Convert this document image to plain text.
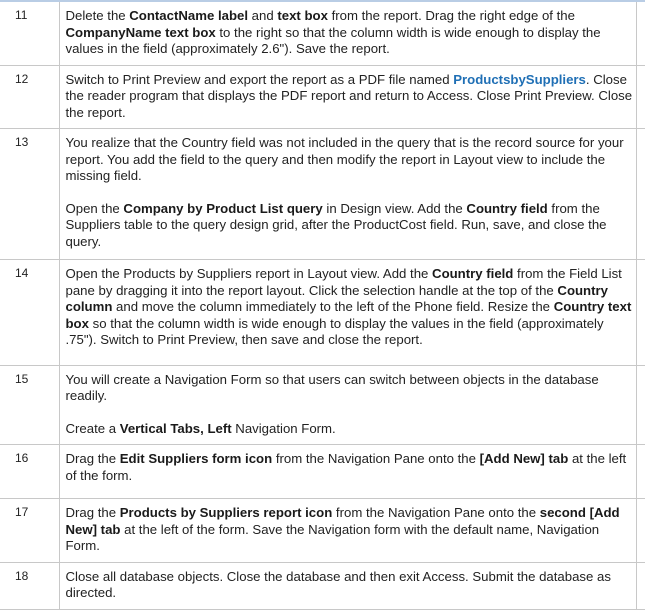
11	Delete the ContactName label and text box from the report. Drag the right edge of the CompanyName text box to the right so that the column width is wide enough to display the values in the field (approximately 2.6"). Save the report.	

12	Switch to Print Preview and export the report as a PDF file named ProductsbySuppliers. Close the reader program that displays the PDF report and return to Access. Close Print Preview. Close the report.	

13	You realize that the Country field was not included in the query that is the record source for your report. You add the field to the query and then modify the report in Layout view to include the missing field.

Open the Company by Product List query in Design view. Add the Country field from the Suppliers table to the query design grid, after the ProductCost field. Run, save, and close the query.	

14	Open the Products by Suppliers report in Layout view. Add the Country field from the Field List pane by dragging it into the report layout. Click the selection handle at the top of the Country column and move the column immediately to the left of the Phone field. Resize the Country text box so that the column width is wide enough to display the values in the field (approximately .75"). Switch to Print Preview, then save and close the report.	

15	You will create a Navigation Form so that users can switch between objects in the database readily.

Create a Vertical Tabs, Left Navigation Form.	

16	Drag the Edit Suppliers form icon from the Navigation Pane onto the [Add New] tab at the left of the form.	

17	Drag the Products by Suppliers report icon from the Navigation Pane onto the second [Add New] tab at the left of the form. Save the Navigation form with the default name, Navigation Form.	

18	Close all database objects. Close the database and then exit Access. Submit the database as directed.	
